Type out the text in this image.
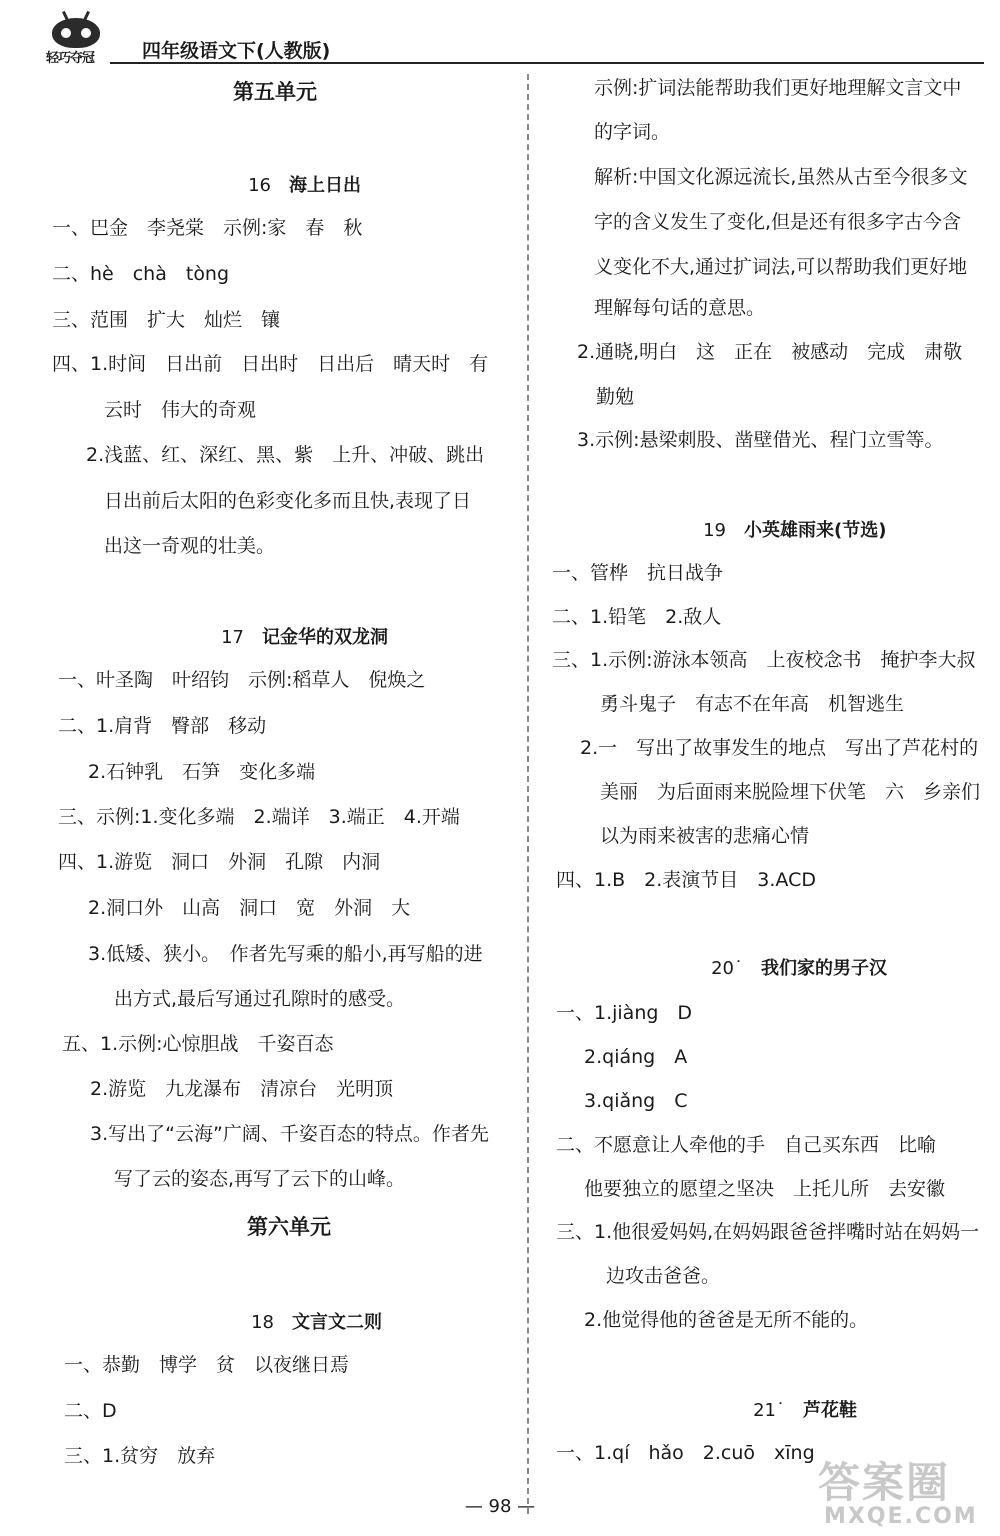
轻巧夺冠	四年级语文下(人教版)
第五单元

16　 海上日出

一、巴金　李尧棠　示例:家　春　秋
二、hè　chà　tòng
三、范围　扩大　灿烂　镶
四、1.时间　日出前　日出时　日出后　晴天时　有
云时　伟大的奇观
2.浅蓝、红、深红、黑、紫　上升、冲破、跳出
日出前后太阳的色彩变化多而且快,表现了日
出这一奇观的壮美。

17　 记金华的双龙洞

一、叶圣陶　叶绍钧　示例:稻草人　倪焕之
二、1.肩背　臀部　移动
2.石钟乳　石笋　变化多端
三、示例:1.变化多端　2.端详　3.端正　4.开端
四、1.游览　洞口　外洞　孔隙　内洞
2.洞口外　山高　洞口　宽　外洞　大
3.低矮、狭小。　作者先写乘的船小,再写船的进
出方式,最后写通过孔隙时的感受。
五、1.示例:心惊胆战　千姿百态
2.游览　九龙瀑布　清凉台　光明顶
3.写出了“云海”广阔、千姿百态的特点。作者先
写了云的姿态,再写了云下的山峰。
第六单元

18　 文言文二则

一、恭勤　博学　贫　以夜继日焉
二、D
三、1.贫穷　放弃
示例:扩词法能帮助我们更好地理解文言文中
的字词。
解析:中国文化源远流长,虽然从古至今很多文
字的含义发生了变化,但是还有很多字古今含
义变化不大,通过扩词法,可以帮助我们更好地
理解每句话的意思。
2.通晓,明白　这　正在　被感动　完成　肃敬
勤勉
3.示例:悬梁刺股、凿壁借光、程门立雪等。

19　 小英雄雨来(节选)

一、管桦　抗日战争
二、1.铅笔　2.敌人
三、1.示例:游泳本领高　上夜校念书　掩护李大叔
勇斗鬼子　有志不在年高　机智逃生
2.一　写出了故事发生的地点　写出了芦花村的
美丽　为后面雨来脱险埋下伏笔　六　乡亲们
以为雨来被害的悲痛心情
四、1.B　2.表演节目　3.ACD

20˙　 我们家的男子汉

一、1.jiàng　D
2.qiáng　A
3.qiǎng　C
二、不愿意让人牵他的手　自己买东西　比喻
他要独立的愿望之坚决　上托儿所　去安徽
三、1.他很爱妈妈,在妈妈跟爸爸拌嘴时站在妈妈一
边攻击爸爸。
2.他觉得他的爸爸是无所不能的。

21˙　 芦花鞋

一、1.qí　hǎo　2.cuō　xīng
— 98 —	答案圈
MXQE.COM
